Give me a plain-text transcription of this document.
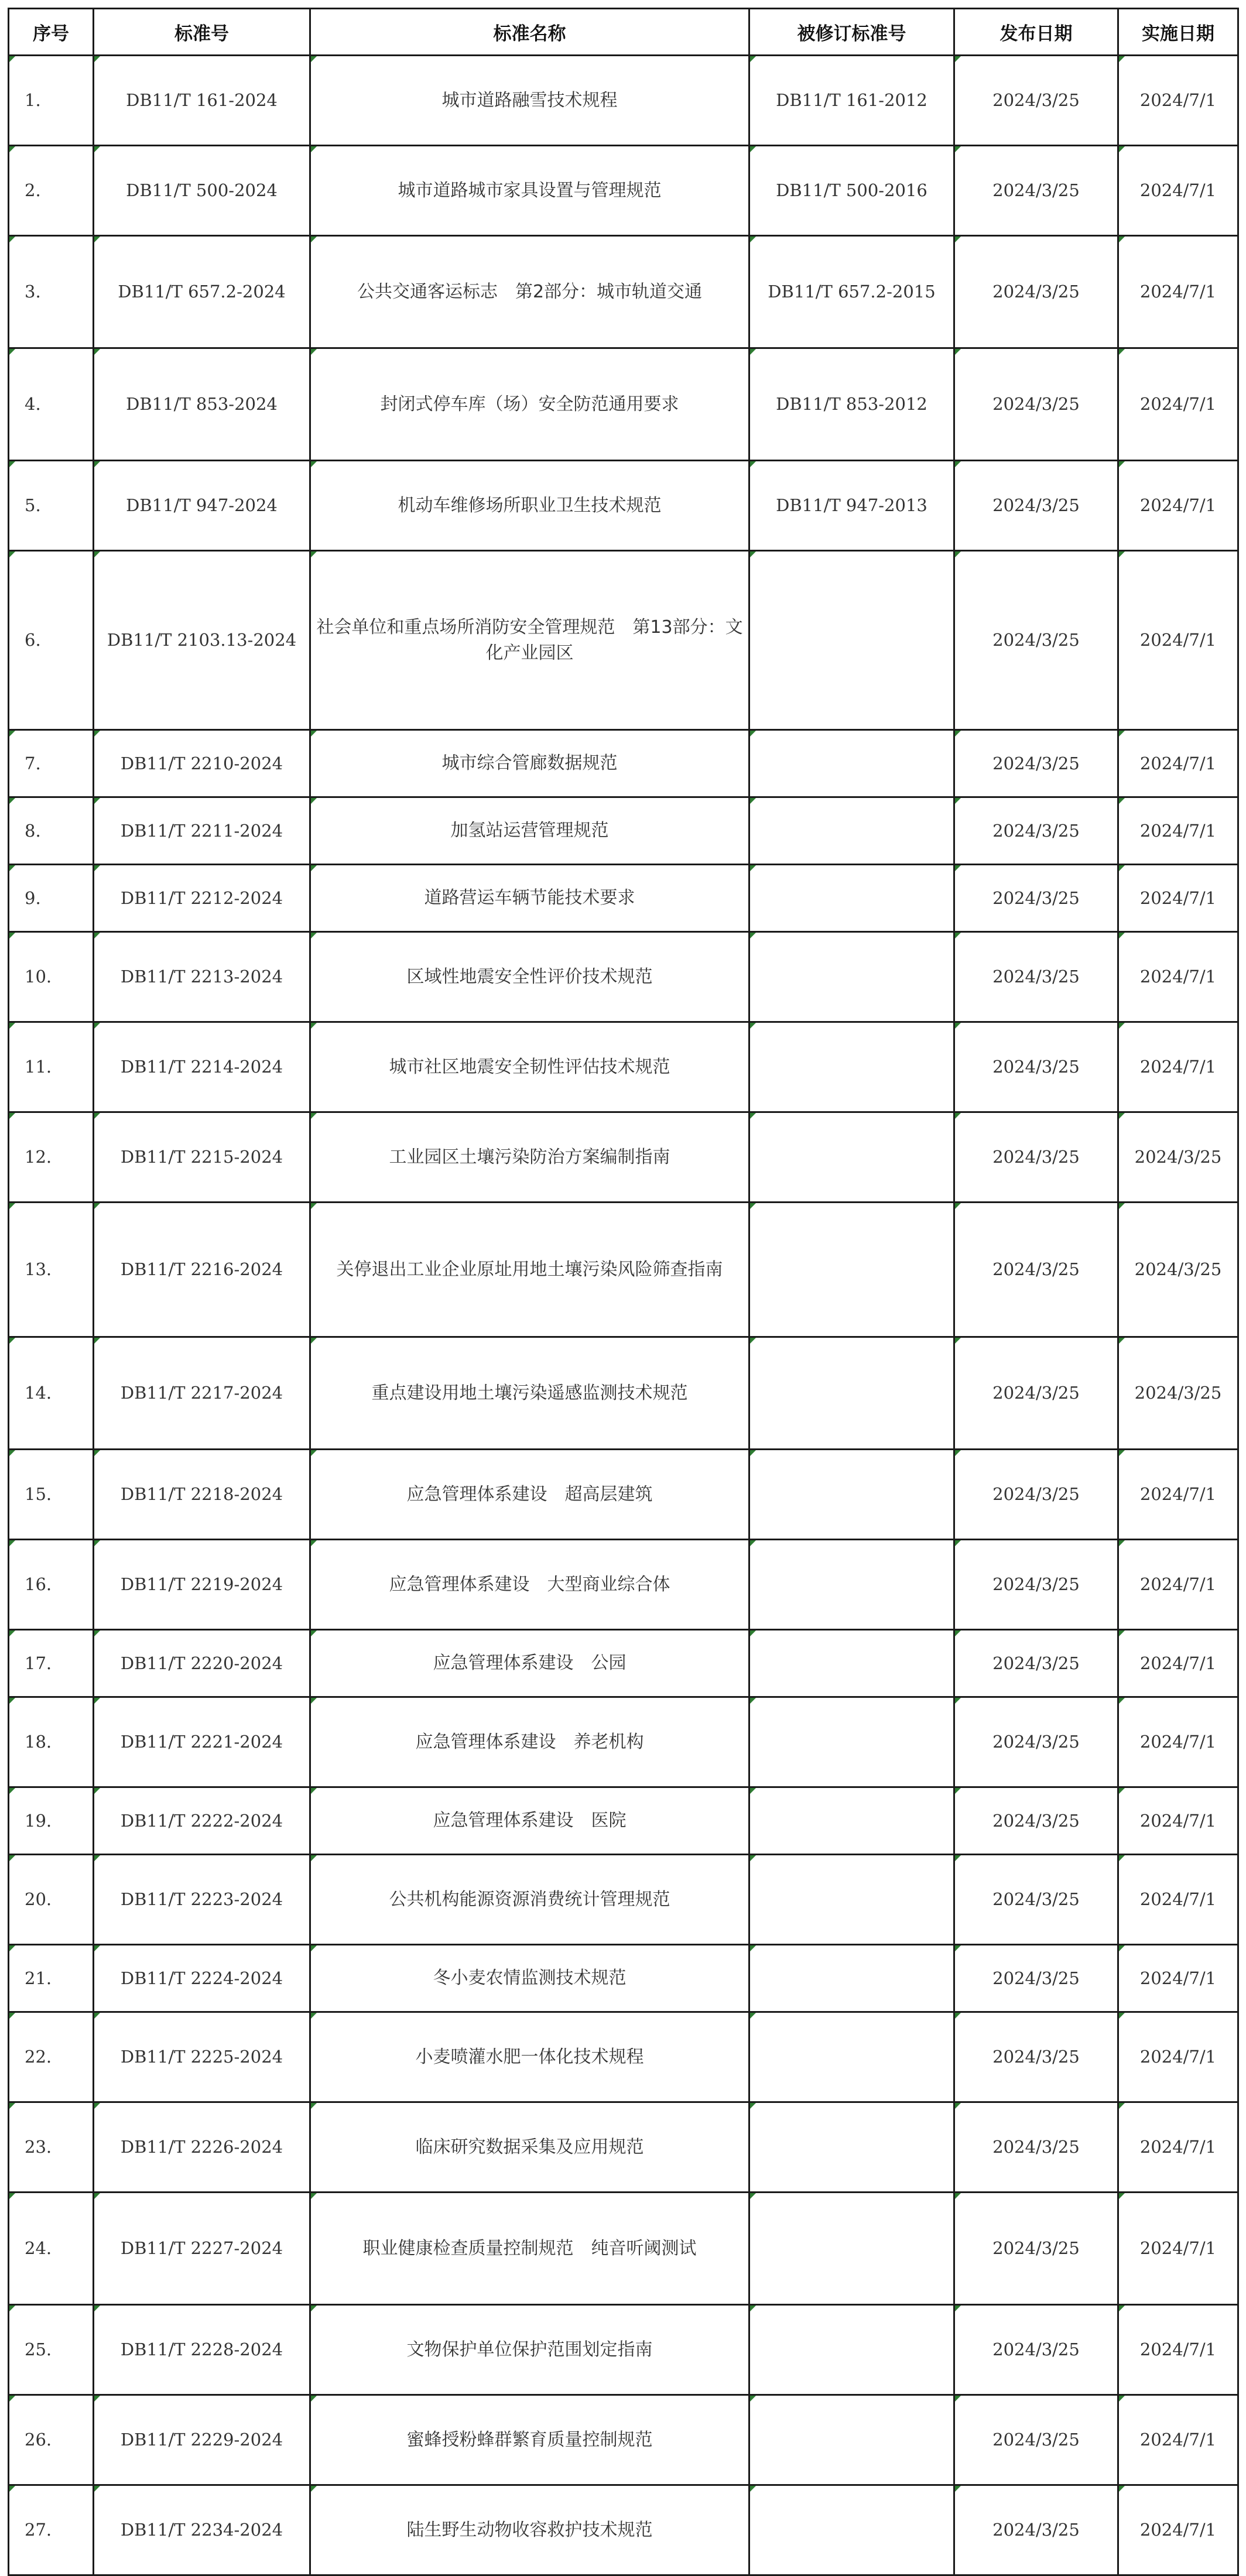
序号	标准号	标准名称	被修订标准号	发布日期	实施日期
1.	DB11/T 161-2024	城市道路融雪技术规程	DB11/T 161-2012	2024/3/25	2024/7/1
2.	DB11/T 500-2024	城市道路城市家具设置与管理规范	DB11/T 500-2016	2024/3/25	2024/7/1
3.	DB11/T 657.2-2024	公共交通客运标志　第2部分：城市轨道交通	DB11/T 657.2-2015	2024/3/25	2024/7/1
4.	DB11/T 853-2024	封闭式停车库（场）安全防范通用要求	DB11/T 853-2012	2024/3/25	2024/7/1
5.	DB11/T 947-2024	机动车维修场所职业卫生技术规范	DB11/T 947-2013	2024/3/25	2024/7/1
6.	DB11/T 2103.13-2024	社会单位和重点场所消防安全管理规范　第13部分：文化产业园区		2024/3/25	2024/7/1
7.	DB11/T 2210-2024	城市综合管廊数据规范		2024/3/25	2024/7/1
8.	DB11/T 2211-2024	加氢站运营管理规范		2024/3/25	2024/7/1
9.	DB11/T 2212-2024	道路营运车辆节能技术要求		2024/3/25	2024/7/1
10.	DB11/T 2213-2024	区域性地震安全性评价技术规范		2024/3/25	2024/7/1
11.	DB11/T 2214-2024	城市社区地震安全韧性评估技术规范		2024/3/25	2024/7/1
12.	DB11/T 2215-2024	工业园区土壤污染防治方案编制指南		2024/3/25	2024/3/25
13.	DB11/T 2216-2024	关停退出工业企业原址用地土壤污染风险筛查指南		2024/3/25	2024/3/25
14.	DB11/T 2217-2024	重点建设用地土壤污染遥感监测技术规范		2024/3/25	2024/3/25
15.	DB11/T 2218-2024	应急管理体系建设　超高层建筑		2024/3/25	2024/7/1
16.	DB11/T 2219-2024	应急管理体系建设　大型商业综合体		2024/3/25	2024/7/1
17.	DB11/T 2220-2024	应急管理体系建设　公园		2024/3/25	2024/7/1
18.	DB11/T 2221-2024	应急管理体系建设　养老机构		2024/3/25	2024/7/1
19.	DB11/T 2222-2024	应急管理体系建设　医院		2024/3/25	2024/7/1
20.	DB11/T 2223-2024	公共机构能源资源消费统计管理规范		2024/3/25	2024/7/1
21.	DB11/T 2224-2024	冬小麦农情监测技术规范		2024/3/25	2024/7/1
22.	DB11/T 2225-2024	小麦喷灌水肥一体化技术规程		2024/3/25	2024/7/1
23.	DB11/T 2226-2024	临床研究数据采集及应用规范		2024/3/25	2024/7/1
24.	DB11/T 2227-2024	职业健康检查质量控制规范　纯音听阈测试		2024/3/25	2024/7/1
25.	DB11/T 2228-2024	文物保护单位保护范围划定指南		2024/3/25	2024/7/1
26.	DB11/T 2229-2024	蜜蜂授粉蜂群繁育质量控制规范		2024/3/25	2024/7/1
27.	DB11/T 2234-2024	陆生野生动物收容救护技术规范		2024/3/25	2024/7/1
